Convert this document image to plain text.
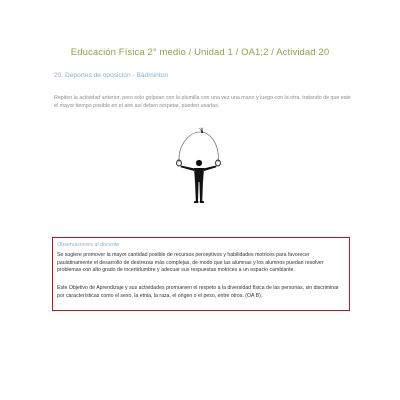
Educación Física 2° medio / Unidad 1 / OA1;2 / Actividad 20
20. Deportes de oposición - Bádminton
Repiten la actividad anterior, pero solo golpean con la plumilla con una vez una mano y luego con la otra, tratando de que este el mayor tiempo posible en el aire así deben respetar, pueden usarlas.
Observaciones al docente
Se sugiere promover la mayor cantidad posible de recursos perceptivos y habilidades motrices para favorecer paulatinamente el desarrollo de destrezas más complejas, de modo que las alumnas y los alumnos puedan resolver problemas con alto grado de incertidumbre y adecuar sus respuestas motrices a un espacio cambiante.
Este Objetivo de Aprendizaje y sus actividades promueven el respeto a la diversidad física de las personas, sin discriminar por características como el sexo, la etnia, la raza, el origen o el peso, entre otros. (OA B).
